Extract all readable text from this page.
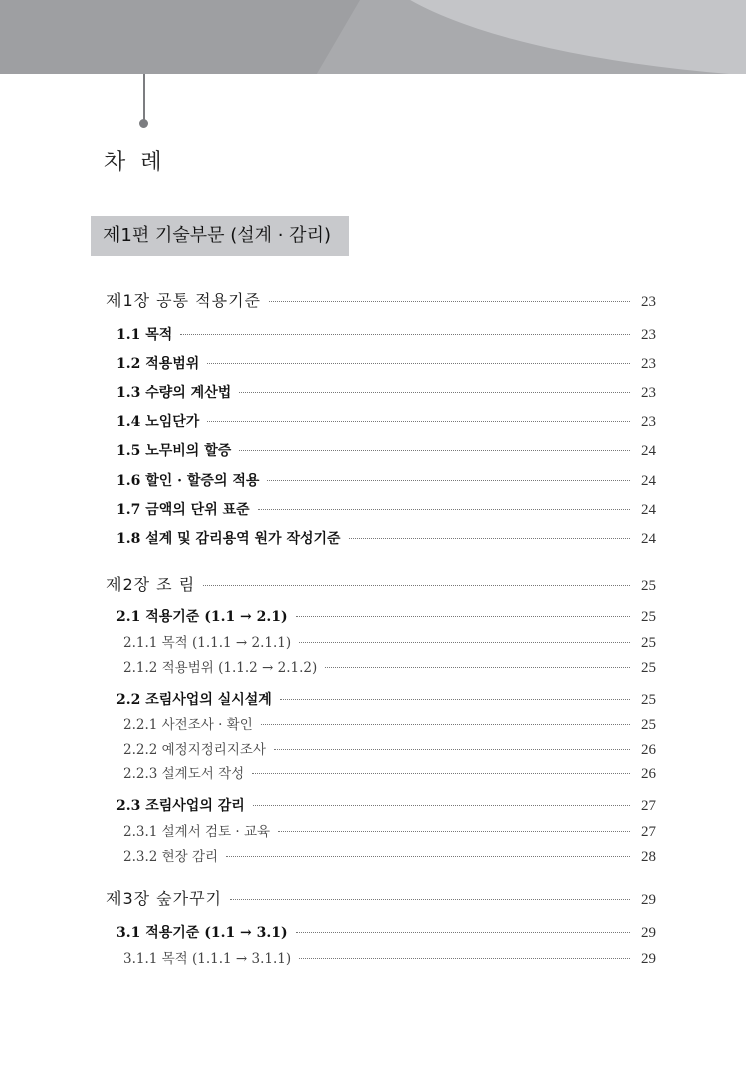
차 례
제1편 기술부문 (설계 · 감리)
제1장 공통 적용기준	23
1.1 목적	23
1.2 적용범위	23
1.3 수량의 계산법	23
1.4 노임단가	23
1.5 노무비의 할증	24
1.6 할인 · 할증의 적용	24
1.7 금액의 단위 표준	24
1.8 설계 및 감리용역 원가 작성기준	24
제2장 조 림	25
2.1 적용기준 (1.1 → 2.1)	25
2.1.1 목적 (1.1.1 → 2.1.1)	25
2.1.2 적용범위 (1.1.2 → 2.1.2)	25
2.2 조림사업의 실시설계	25
2.2.1 사전조사 · 확인	25
2.2.2 예정지정리지조사	26
2.2.3 설계도서 작성	26
2.3 조림사업의 감리	27
2.3.1 설계서 검토 · 교육	27
2.3.2 현장 감리	28
제3장 숲가꾸기	29
3.1 적용기준 (1.1 → 3.1)	29
3.1.1 목적 (1.1.1 → 3.1.1)	29
